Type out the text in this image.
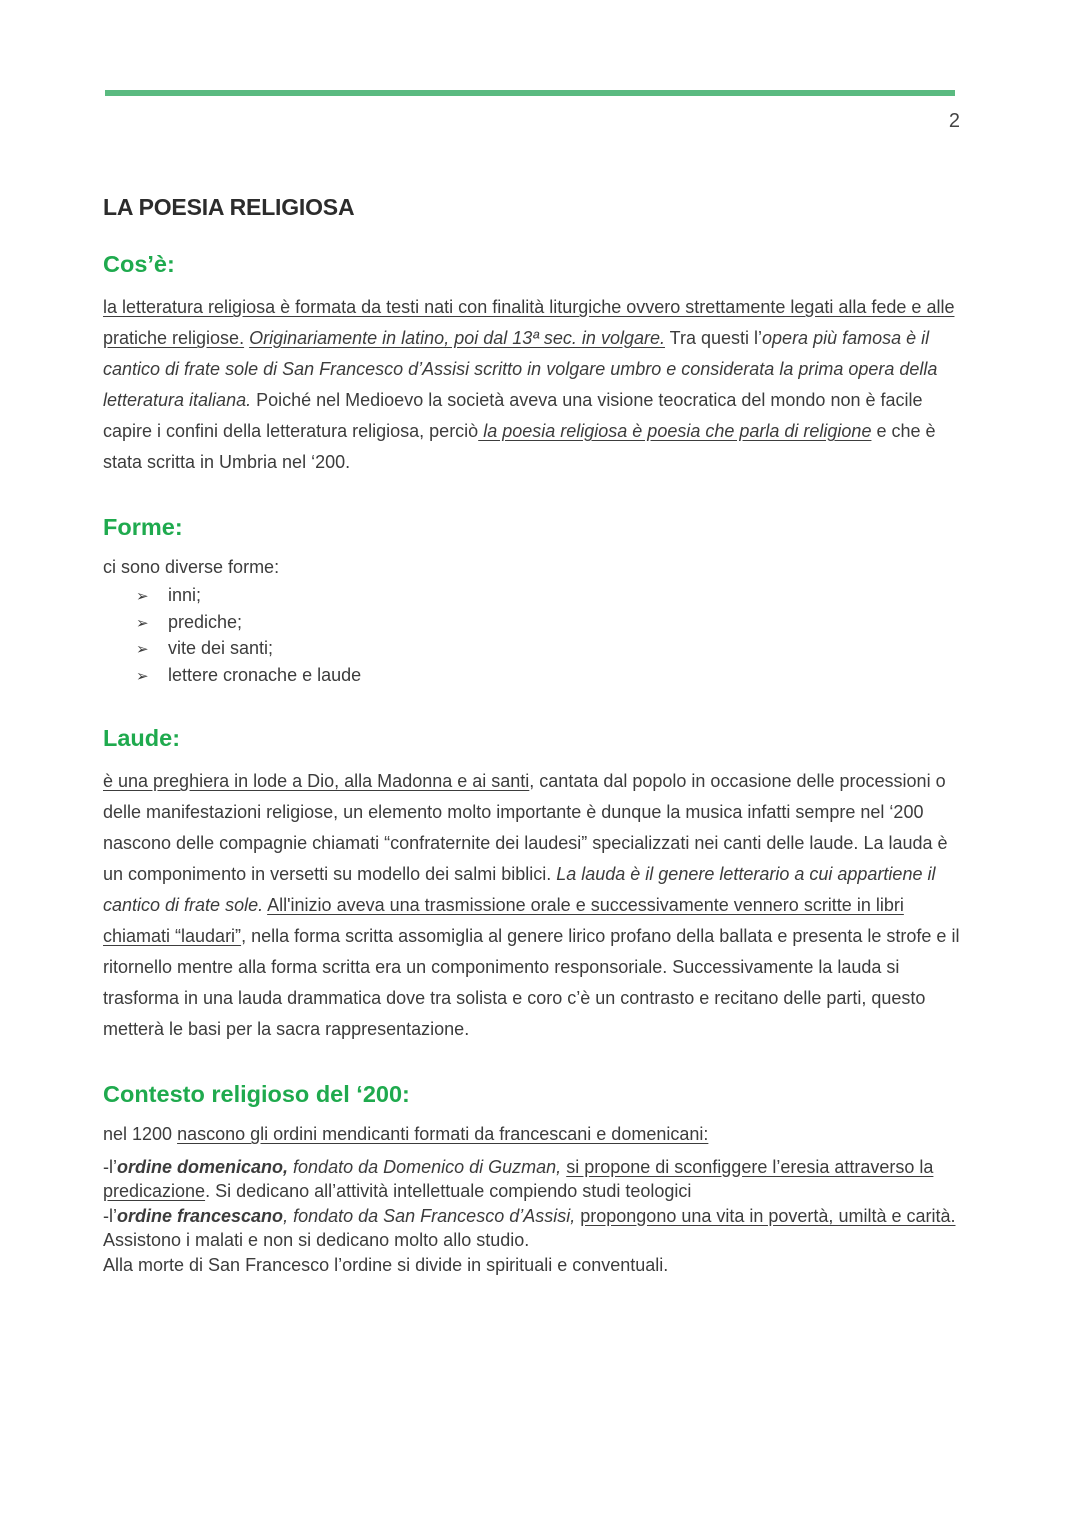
2
LA POESIA RELIGIOSA
Cos’è:

la letteratura religiosa è formata da testi nati con finalità liturgiche ovvero strettamente legati alla fede e alle pratiche religiose. Originariamente in latino, poi dal 13ª sec. in volgare. Tra questi l’opera più famosa è il cantico di frate sole di San Francesco d’Assisi scritto in volgare umbro e considerata la prima opera della letteratura italiana. Poiché nel Medioevo la società aveva una visione teocratica del mondo non è facile capire i confini della letteratura religiosa, perciò la poesia religiosa è poesia che parla di religione e che è stata scritta in Umbria nel ‘200.

Forme:

ci sono diverse forme:

➢ inni;
➢ prediche;
➢ vite dei santi;
➢ lettere cronache e laude
Laude:

è una preghiera in lode a Dio, alla Madonna e ai santi, cantata dal popolo in occasione delle processioni o delle manifestazioni religiose, un elemento molto importante è dunque la musica infatti sempre nel ‘200 nascono delle compagnie chiamati “confraternite dei laudesi” specializzati nei canti delle laude. La lauda è un componimento in versetti su modello dei salmi biblici. La lauda è il genere letterario a cui appartiene il cantico di frate sole. All'inizio aveva una trasmissione orale e successivamente vennero scritte in libri chiamati “laudari”, nella forma scritta assomiglia al genere lirico profano della ballata e presenta le strofe e il ritornello mentre alla forma scritta era un componimento responsoriale. Successivamente la lauda si trasforma in una lauda drammatica dove tra solista e coro c’è un contrasto e recitano delle parti, questo metterà le basi per la sacra rappresentazione.

Contesto religioso del ‘200:

nel 1200 nascono gli ordini mendicanti formati da francescani e domenicani:

-l’ordine domenicano, fondato da Domenico di Guzman, si propone di sconfiggere l’eresia attraverso la predicazione. Si dedicano all’attività intellettuale compiendo studi teologici

-l’ordine francescano, fondato da San Francesco d’Assisi, propongono una vita in povertà, umiltà e carità. Assistono i malati e non si dedicano molto allo studio.

Alla morte di San Francesco l’ordine si divide in spirituali e conventuali.
